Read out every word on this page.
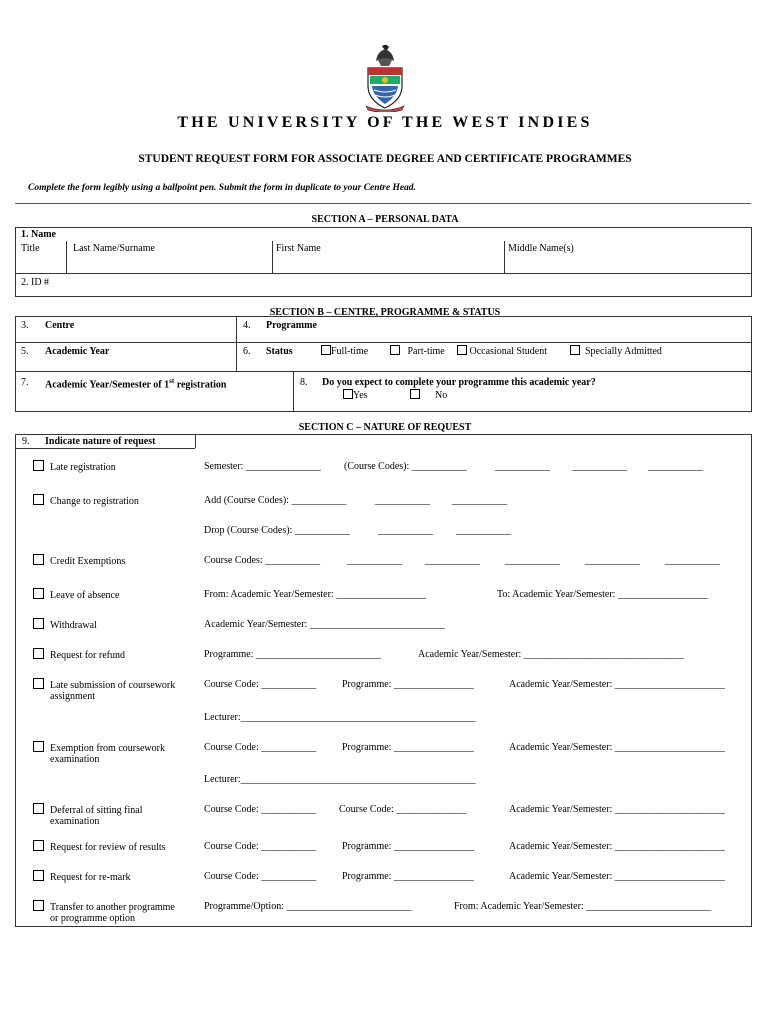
THE UNIVERSITY OF THE WEST INDIES
STUDENT REQUEST FORM FOR ASSOCIATE DEGREE AND CERTIFICATE PROGRAMMES
Complete the form legibly using a ballpoint pen. Submit the form in duplicate to your Centre Head.
SECTION A – PERSONAL DATA
1. Name
Title	Last Name/Surname	First Name	Middle Name(s)
2. ID #
SECTION B – CENTRE, PROGRAMME & STATUS
3. Centre	4. Programme
5. Academic Year	6. Status	Full-time	Part-time	Occasional Student	Specially Admitted
7. Academic Year/Semester of 1st registration	8. Do you expect to complete your programme this academic year?
Yes	No
SECTION C – NATURE OF REQUEST
9. Indicate nature of request
Late registration	Semester: _______________ (Course Codes): ___________	___________ ___________ ___________
Change to registration	Add (Course Codes): ___________	___________ ___________
Drop (Course Codes): ___________	___________ ___________
Credit Exemptions	Course Codes: ___________	___________ ___________	___________	___________	___________
Leave of absence	From: Academic Year/Semester: __________________	To: Academic Year/Semester: __________________
Withdrawal	Academic Year/Semester: ___________________________
Request for refund	Programme: _________________________	Academic Year/Semester: ________________________________
Late submission of coursework
assignment
Course Code: ___________	Programme: ________________	Academic Year/Semester: ______________________
Lecturer:_______________________________________________
Exemption from coursework
examination
Course Code: ___________	Programme: ________________	Academic Year/Semester: ______________________
Lecturer:_______________________________________________
Deferral of sitting final
examination
Course Code: ___________ Course Code: ______________	Academic Year/Semester: ______________________
Request for review of results	Course Code: ___________	Programme: ________________	Academic Year/Semester: ______________________
Request for re-mark	Course Code: ___________	Programme: ________________	Academic Year/Semester: ______________________
Transfer to another programme
or programme option
Programme/Option: _________________________	From: Academic Year/Semester: _________________________
